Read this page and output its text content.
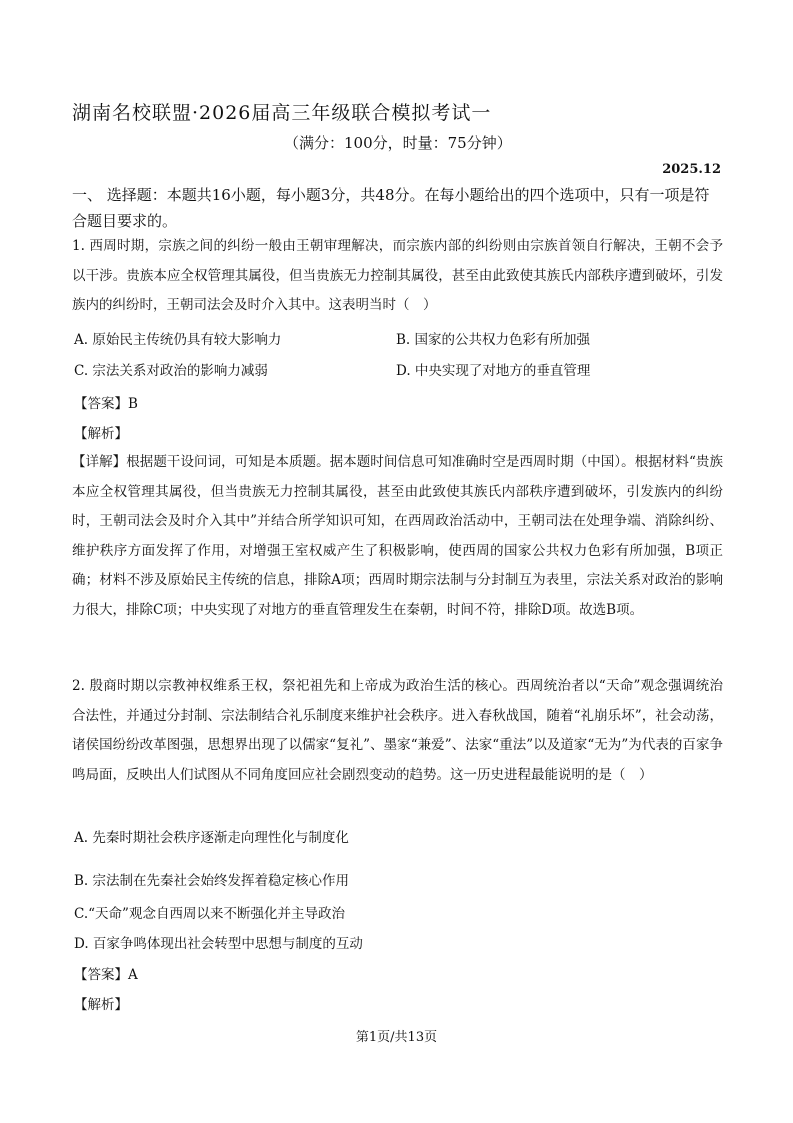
湖南名校联盟·2026届高三年级联合模拟考试一
（满分：100分，时量：75分钟）
2025.12
一、 选择题：本题共16小题，每小题3分，共48分。在每小题给出的四个选项中，只有一项是符合题目要求的。
1. 西周时期，宗族之间的纠纷一般由王朝审理解决，而宗族内部的纠纷则由宗族首领自行解决，王朝不会予以干涉。贵族本应全权管理其属役，但当贵族无力控制其属役，甚至由此致使其族氏内部秩序遭到破坏，引发族内的纠纷时，王朝司法会及时介入其中。这表明当时（　）
A. 原始民主传统仍具有较大影响力	B. 国家的公共权力色彩有所加强
C. 宗法关系对政治的影响力减弱	D. 中央实现了对地方的垂直管理
【答案】B
【解析】
【详解】根据题干设问词，可知是本质题。据本题时间信息可知准确时空是西周时期（中国）。根据材料“贵族本应全权管理其属役，但当贵族无力控制其属役，甚至由此致使其族氏内部秩序遭到破坏，引发族内的纠纷时，王朝司法会及时介入其中”并结合所学知识可知，在西周政治活动中，王朝司法在处理争端、消除纠纷、维护秩序方面发挥了作用，对增强王室权威产生了积极影响，使西周的国家公共权力色彩有所加强，B项正确；材料不涉及原始民主传统的信息，排除A项；西周时期宗法制与分封制互为表里，宗法关系对政治的影响力很大，排除C项；中央实现了对地方的垂直管理发生在秦朝，时间不符，排除D项。故选B项。
2. 殷商时期以宗教神权维系王权，祭祀祖先和上帝成为政治生活的核心。西周统治者以“天命”观念强调统治合法性，并通过分封制、宗法制结合礼乐制度来维护社会秩序。进入春秋战国，随着“礼崩乐坏”，社会动荡，诸侯国纷纷改革图强，思想界出现了以儒家“复礼”、墨家“兼爱”、法家“重法”以及道家“无为”为代表的百家争鸣局面，反映出人们试图从不同角度回应社会剧烈变动的趋势。这一历史进程最能说明的是（　）
A. 先秦时期社会秩序逐渐走向理性化与制度化
B. 宗法制在先秦社会始终发挥着稳定核心作用
C.“天命”观念自西周以来不断强化并主导政治
D. 百家争鸣体现出社会转型中思想与制度的互动
【答案】A
【解析】
第1页/共13页
